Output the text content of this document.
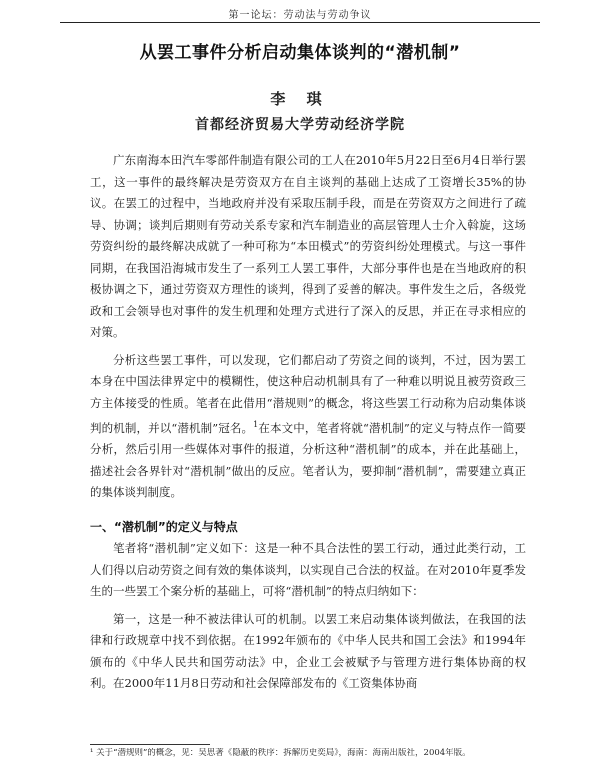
第一论坛：劳动法与劳动争议
从罢工事件分析启动集体谈判的“潜机制”
李 琪
首都经济贸易大学劳动经济学院

广东南海本田汽车零部件制造有限公司的工人在2010年5月22日至6月4日举行罢工，这一事件的最终解决是劳资双方在自主谈判的基础上达成了工资增长35%的协议。在罢工的过程中，当地政府并没有采取压制手段，而是在劳资双方之间进行了疏导、协调；谈判后期则有劳动关系专家和汽车制造业的高层管理人士介入斡旋，这场劳资纠纷的最终解决成就了一种可称为“本田模式”的劳资纠纷处理模式。与这一事件同期，在我国沿海城市发生了一系列工人罢工事件，大部分事件也是在当地政府的积极协调之下，通过劳资双方理性的谈判，得到了妥善的解决。事件发生之后，各级党政和工会领导也对事件的发生机理和处理方式进行了深入的反思，并正在寻求相应的对策。

分析这些罢工事件，可以发现，它们都启动了劳资之间的谈判，不过，因为罢工本身在中国法律界定中的模糊性，使这种启动机制具有了一种难以明说且被劳资政三方主体接受的性质。笔者在此借用“潜规则”的概念，将这些罢工行动称为启动集体谈判的机制，并以“潜机制”冠名。$^1$在本文中，笔者将就“潜机制”的定义与特点作一简要分析，然后引用一些媒体对事件的报道，分析这种“潜机制”的成本，并在此基础上，描述社会各界针对“潜机制”做出的反应。笔者认为，要抑制“潜机制”，需要建立真正的集体谈判制度。

一、“潜机制”的定义与特点

笔者将“潜机制”定义如下：这是一种不具合法性的罢工行动，通过此类行动，工人们得以启动劳资之间有效的集体谈判，以实现自己合法的权益。在对2010年夏季发生的一些罢工个案分析的基础上，可将“潜机制”的特点归纳如下：

第一，这是一种不被法律认可的机制。以罢工来启动集体谈判做法，在我国的法律和行政规章中找不到依据。在1992年颁布的《中华人民共和国工会法》和1994年颁布的《中华人民共和国劳动法》中，企业工会被赋予与管理方进行集体协商的权利。在2000年11月8日劳动和社会保障部发布的《工资集体协商

¹ 关于“潜规则”的概念，见：吴思著《隐蔽的秩序：拆解历史奕局》，海南：海南出版社，2004年版。
